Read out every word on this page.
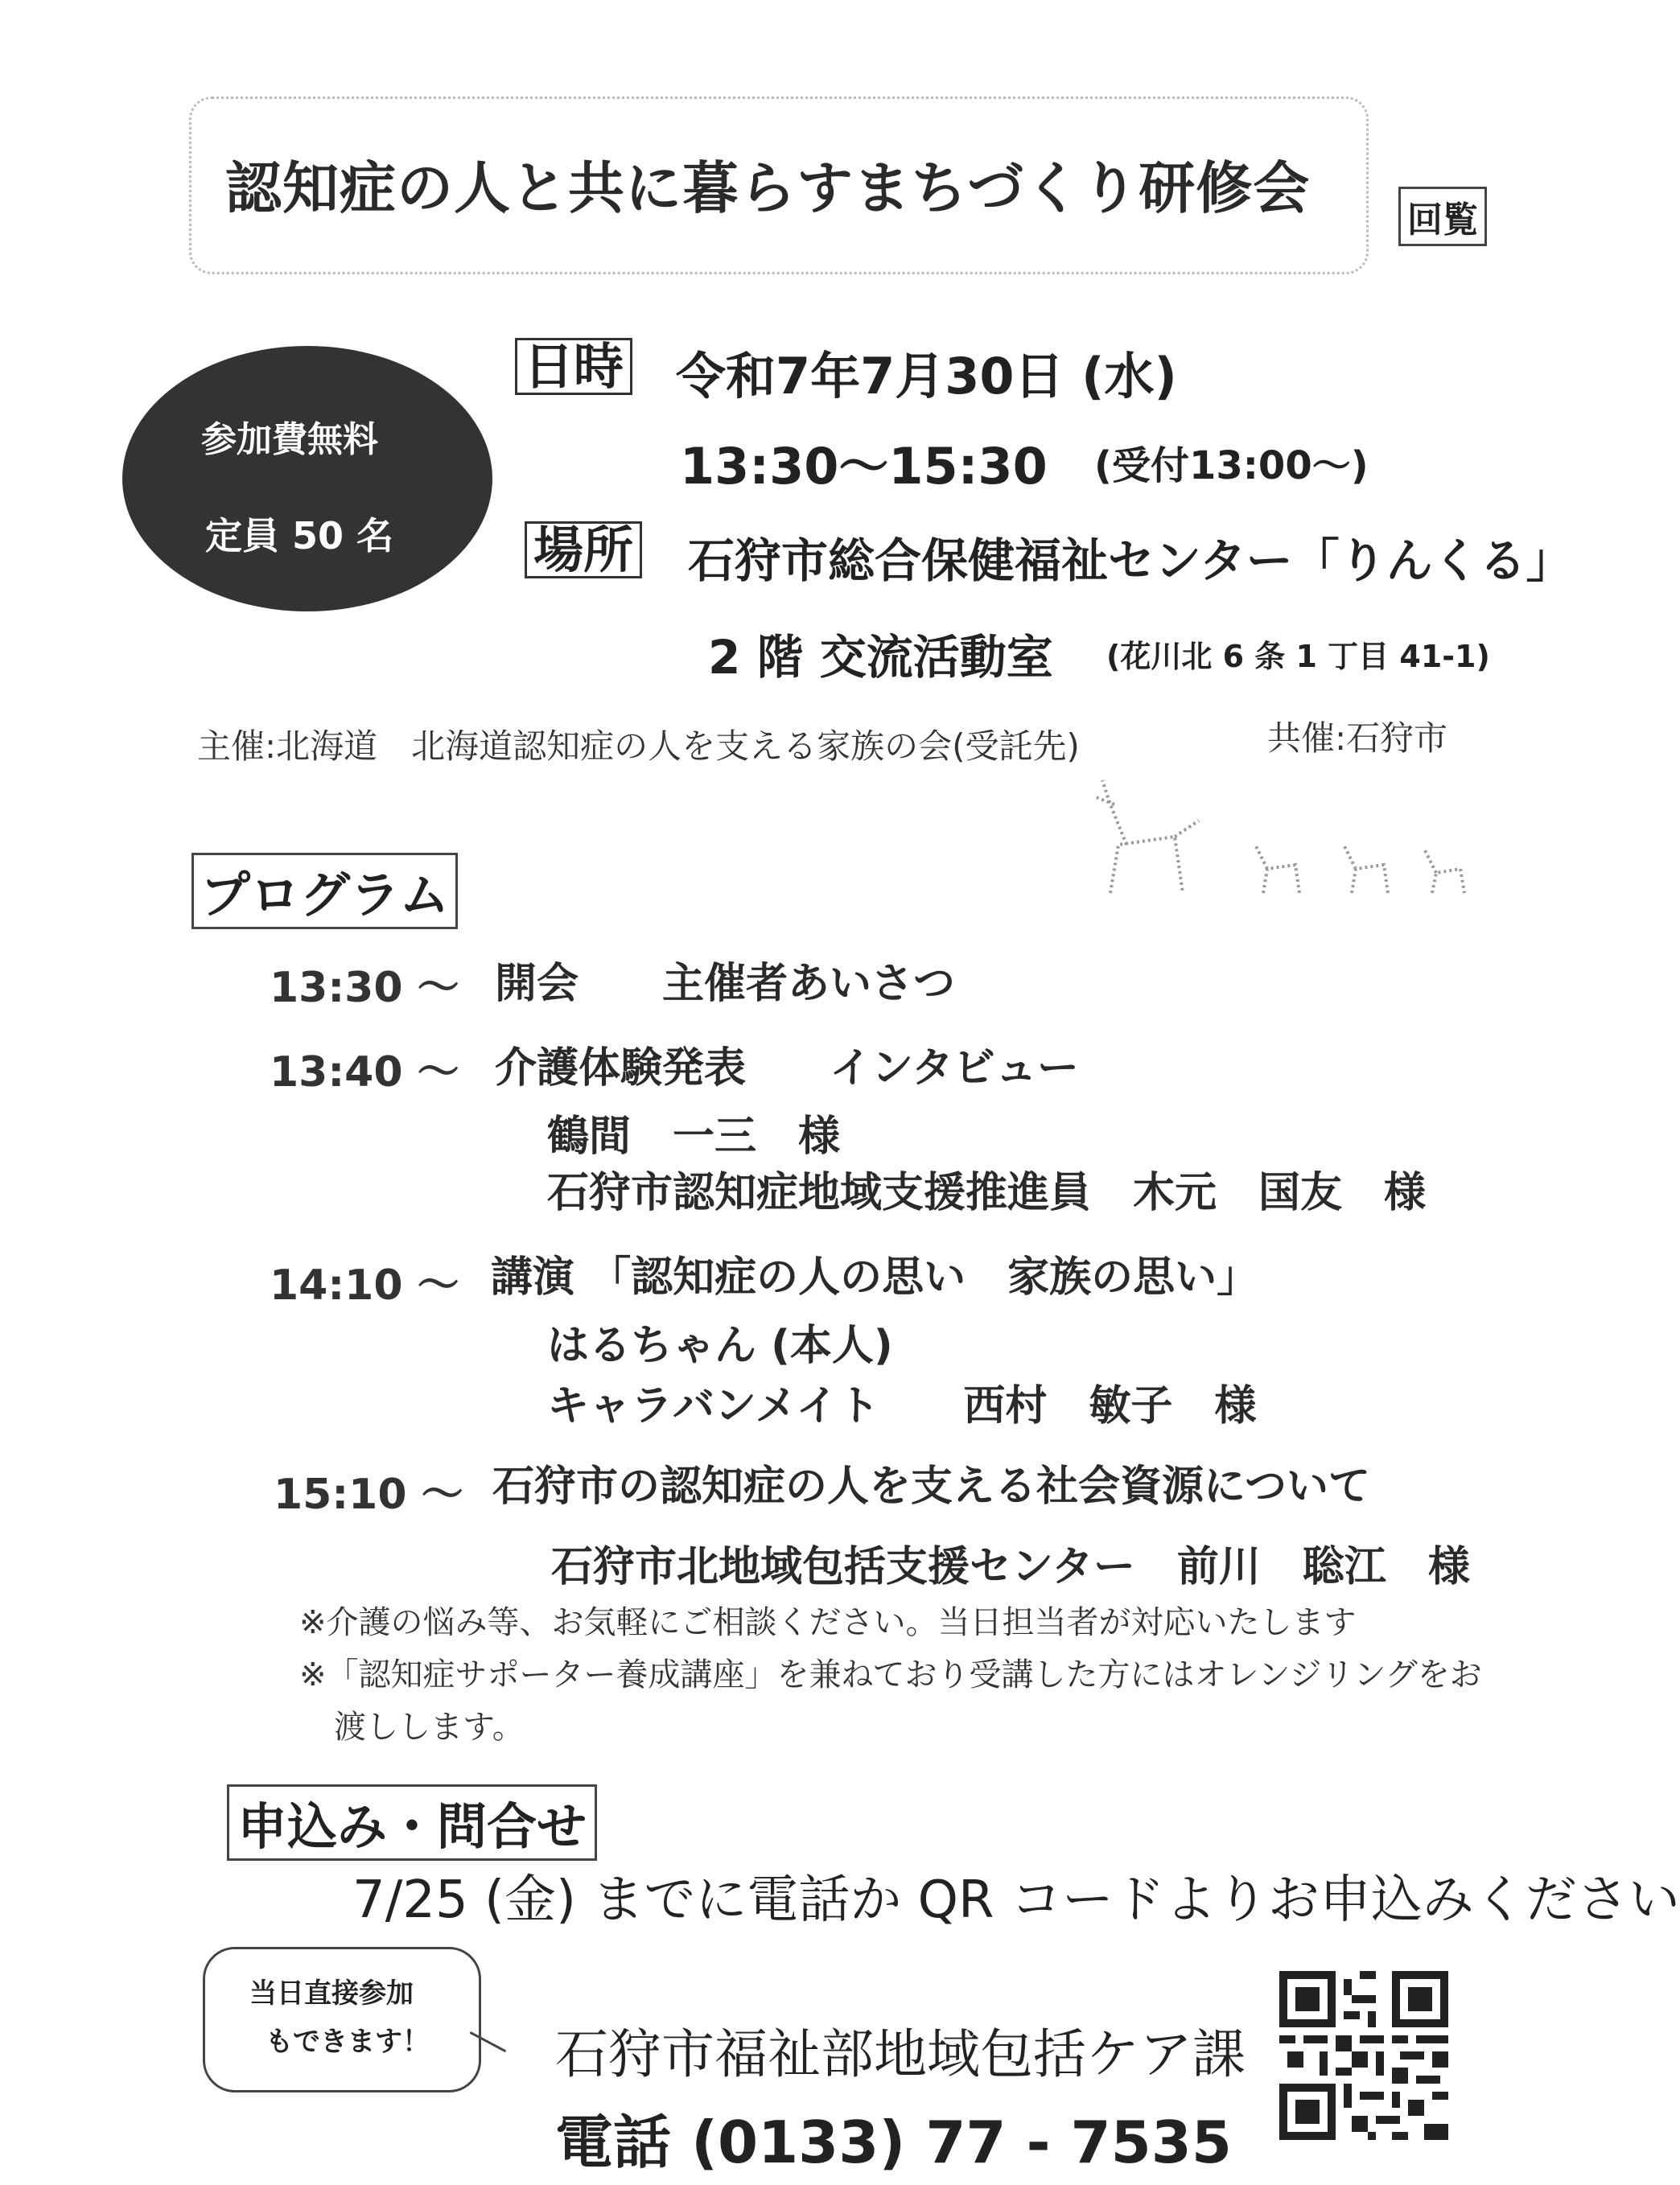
認知症の人と共に暮らすまちづくり研修会	回覧
参加費無料
定員 50 名
日時 令和7年7月30日 (水)
13:30〜15:30 (受付13:00〜)
場所 石狩市総合保健福祉センター「りんくる」
2 階 交流活動室 (花川北 6 条 1 丁目 41-1)
主催:北海道　北海道認知症の人を支える家族の会(受託先)	共催:石狩市
プログラム
13:30 〜 開会　　主催者あいさつ
13:40 〜 介護体験発表　　インタビュー
鶴間　一三　様
石狩市認知症地域支援推進員　木元　国友　様
14:10 〜 講演 「認知症の人の思い　家族の思い」
はるちゃん (本人)
キャラバンメイト　　西村　敏子　様
15:10 〜 石狩市の認知症の人を支える社会資源について
石狩市北地域包括支援センター　前川　聡江　様
※介護の悩み等、お気軽にご相談ください。当日担当者が対応いたします
※「認知症サポーター養成講座」を兼ねており受講した方にはオレンジリングをお
渡しします。
申込み・問合せ
7/25 (金) までに電話か QR コードよりお申込みください
当日直接参加
もできます！ 石狩市福祉部地域包括ケア課
電話 (0133) 77 - 7535
